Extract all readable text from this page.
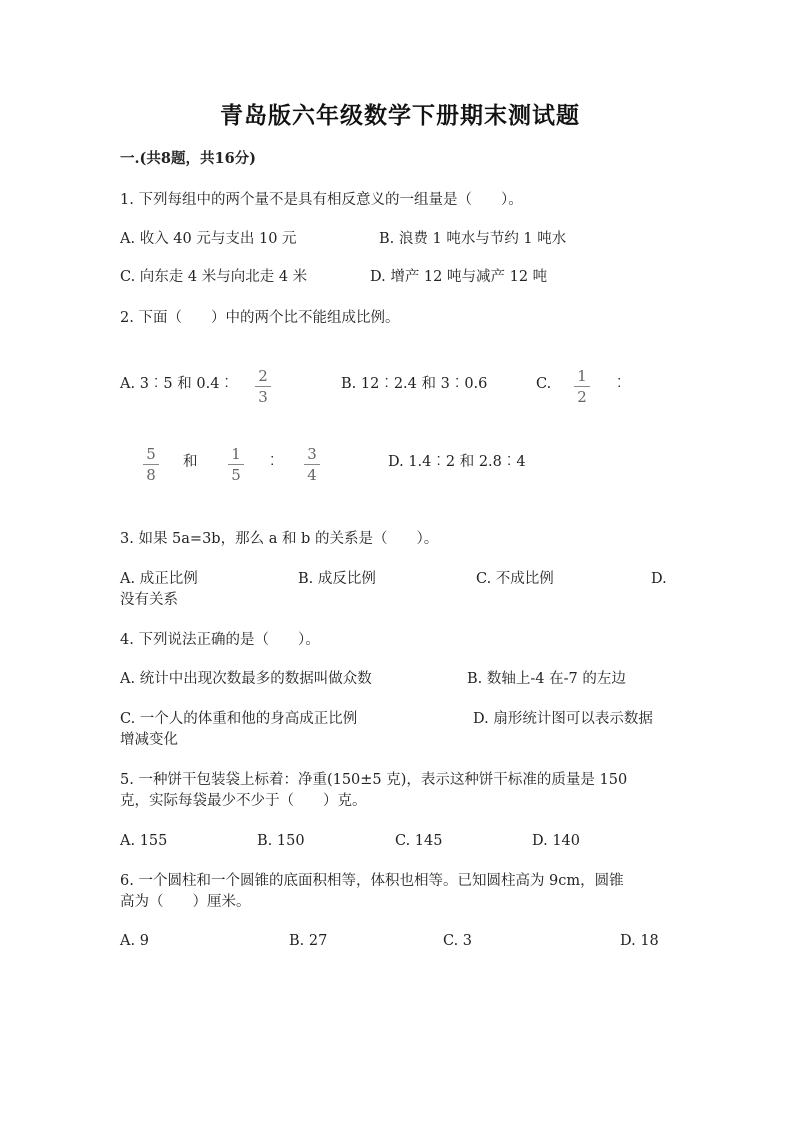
青岛版六年级数学下册期末测试题
一.(共8题，共16分)
1. 下列每组中的两个量不是具有相反意义的一组量是（　　）。
A. 收入 40 元与支出 10 元	B. 浪费 1 吨水与节约 1 吨水
C. 向东走 4 米与向北走 4 米	D. 增产 12 吨与减产 12 吨
2. 下面（　　）中的两个比不能组成比例。
A. 3︰5 和 0.4︰	2
3
B. 12︰2.4 和 3︰0.6	C.	1
2
︰
5
8
和	1
5
︰	3
4
D. 1.4︰2 和 2.8︰4
3. 如果 5a=3b，那么 a 和 b 的关系是（　　）。
A. 成正比例	B. 成反比例	C. 不成比例	D.
没有关系
4. 下列说法正确的是（　　）。
A. 统计中出现次数最多的数据叫做众数	B. 数轴上-4 在-7 的左边
C. 一个人的体重和他的身高成正比例	D. 扇形统计图可以表示数据
增减变化
5. 一种饼干包装袋上标着：净重(150±5 克)，表示这种饼干标准的质量是 150
克，实际每袋最少不少于（　　）克。
A. 155	B. 150	C. 145	D. 140
6. 一个圆柱和一个圆锥的底面积相等，体积也相等。已知圆柱高为 9cm，圆锥
高为（　　）厘米。
A. 9	B. 27	C. 3	D. 18
